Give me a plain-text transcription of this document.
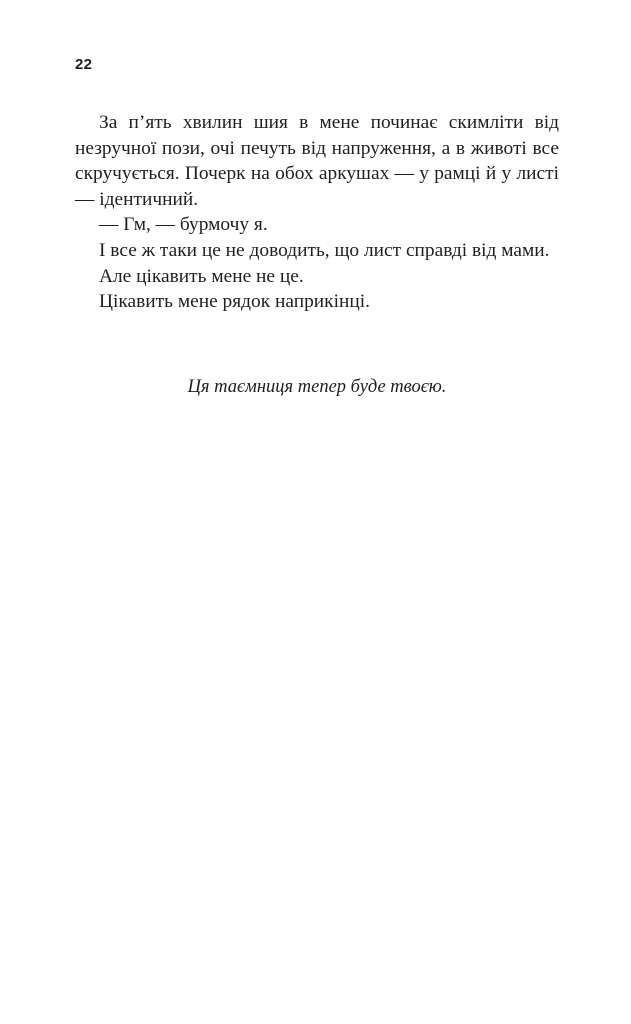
22

За п’ять хвилин шия в мене починає скимліти від незручної пози, очі печуть від напруження, а в животі все скручується. Почерк на обох аркушах — у рамці й у листі — ідентичний.

— Гм, — бурмочу я.

І все ж таки це не доводить, що лист справді від мами.

Але цікавить мене не це.

Цікавить мене рядок наприкінці.

Ця таємниця тепер буде твоєю.
